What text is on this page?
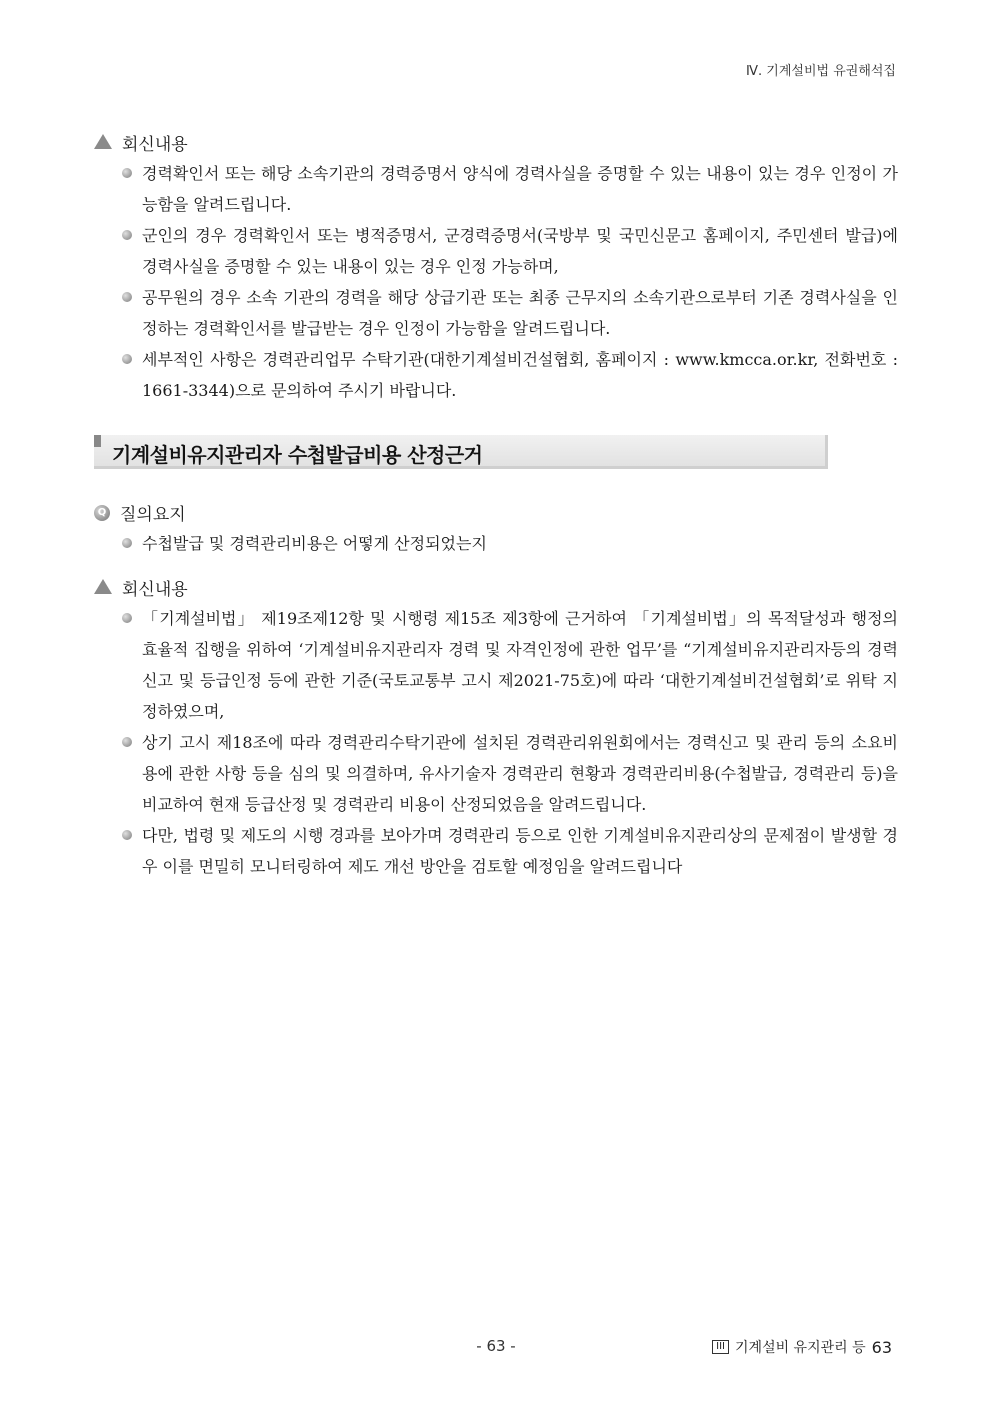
Ⅳ. 기계설비법 유권해석집
회신내용
경력확인서 또는 해당 소속기관의 경력증명서 양식에 경력사실을 증명할 수 있는 내용이 있는 경우 인정이 가능함을 알려드립니다.
군인의 경우 경력확인서 또는 병적증명서, 군경력증명서(국방부 및 국민신문고 홈페이지, 주민센터 발급)에 경력사실을 증명할 수 있는 내용이 있는 경우 인정 가능하며,
공무원의 경우 소속 기관의 경력을 해당 상급기관 또는 최종 근무지의 소속기관으로부터 기존 경력사실을 인정하는 경력확인서를 발급받는 경우 인정이 가능함을 알려드립니다.
세부적인 사항은 경력관리업무 수탁기관(대한기계설비건설협회, 홈페이지 : www.kmcca.or.kr, 전화번호 : 1661-3344)으로 문의하여 주시기 바랍니다.
기계설비유지관리자 수첩발급비용 산정근거
Q 질의요지
수첩발급 및 경력관리비용은 어떻게 산정되었는지
회신내용
「기계설비법」 제19조제12항 및 시행령 제15조 제3항에 근거하여 「기계설비법」의 목적달성과 행정의 효율적 집행을 위하여 ‘기계설비유지관리자 경력 및 자격인정에 관한 업무’를 “기계설비유지관리자등의 경력신고 및 등급인정 등에 관한 기준(국토교통부 고시 제2021-75호)에 따라 ‘대한기계설비건설협회’로 위탁 지정하였으며,
상기 고시 제18조에 따라 경력관리수탁기관에 설치된 경력관리위원회에서는 경력신고 및 관리 등의 소요비용에 관한 사항 등을 심의 및 의결하며, 유사기술자 경력관리 현황과 경력관리비용(수첩발급, 경력관리 등)을 비교하여 현재 등급산정 및 경력관리 비용이 산정되었음을 알려드립니다.
다만, 법령 및 제도의 시행 경과를 보아가며 경력관리 등으로 인한 기계설비유지관리상의 문제점이 발생할 경우 이를 면밀히 모니터링하여 제도 개선 방안을 검토할 예정임을 알려드립니다
- 63 -	III 기계설비 유지관리 등 63
